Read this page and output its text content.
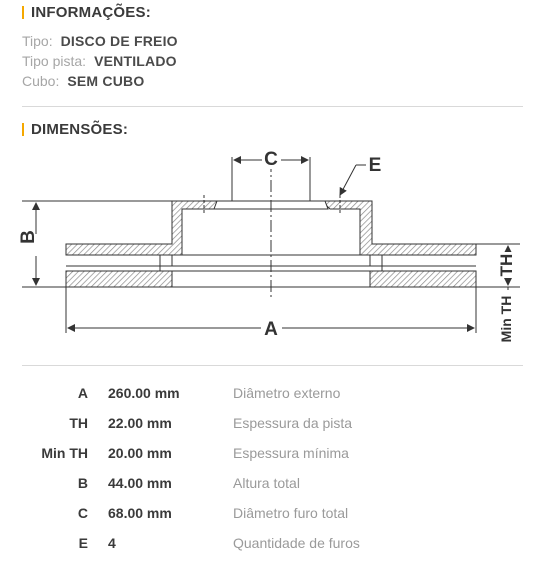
INFORMAÇÕES:
Tipo: DISCO DE FREIO
Tipo pista: VENTILADO
Cubo: SEM CUBO
DIMENSÕES:
C	E
B
A
TH
Min TH
A 260.00 mm	Diâmetro externo
TH 22.00 mm	Espessura da pista
Min TH 20.00 mm	Espessura mínima
B 44.00 mm	Altura total
C 68.00 mm	Diâmetro furo total
E 4	Quantidade de furos
